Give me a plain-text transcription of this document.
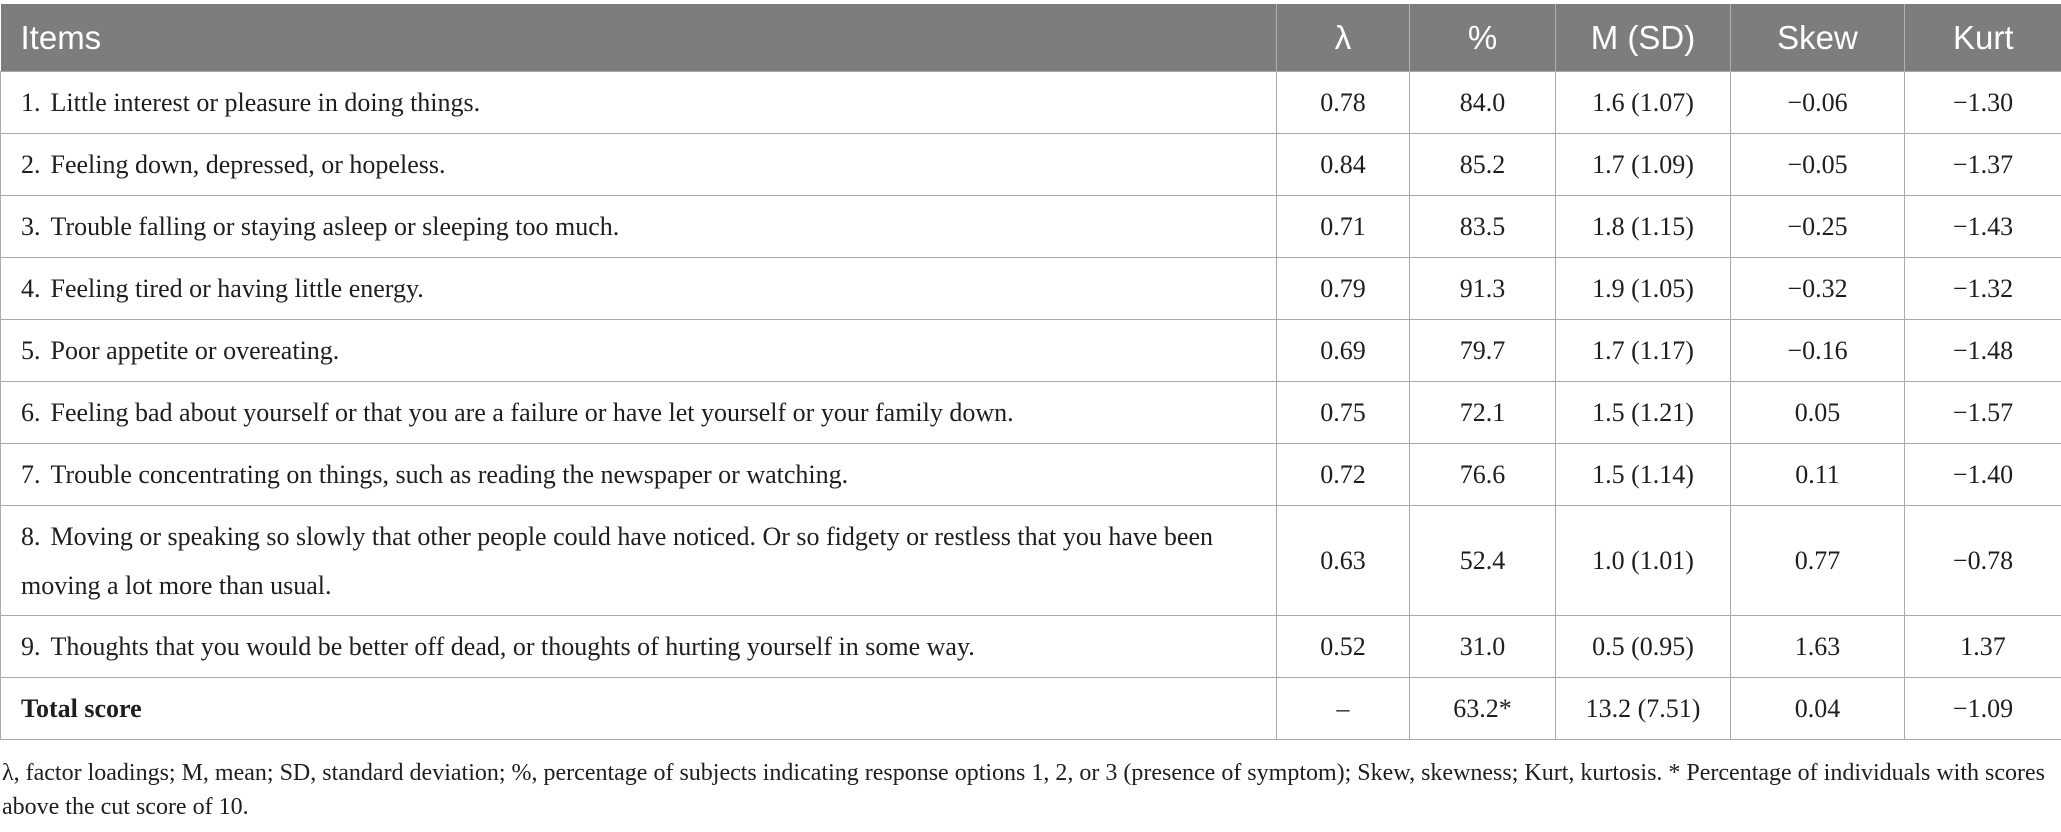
Items	λ	%	M (SD)	Skew	Kurt
1. Little interest or pleasure in doing things.	0.78	84.0	1.6 (1.07)	−0.06	−1.30
2. Feeling down, depressed, or hopeless.	0.84	85.2	1.7 (1.09)	−0.05	−1.37
3. Trouble falling or staying asleep or sleeping too much.	0.71	83.5	1.8 (1.15)	−0.25	−1.43
4. Feeling tired or having little energy.	0.79	91.3	1.9 (1.05)	−0.32	−1.32
5. Poor appetite or overeating.	0.69	79.7	1.7 (1.17)	−0.16	−1.48
6. Feeling bad about yourself or that you are a failure or have let yourself or your family down.	0.75	72.1	1.5 (1.21)	0.05	−1.57
7. Trouble concentrating on things, such as reading the newspaper or watching.	0.72	76.6	1.5 (1.14)	0.11	−1.40
8. Moving or speaking so slowly that other people could have noticed. Or so fidgety or restless that you have been moving a lot more than usual.	0.63	52.4	1.0 (1.01)	0.77	−0.78
9. Thoughts that you would be better off dead, or thoughts of hurting yourself in some way.	0.52	31.0	0.5 (0.95)	1.63	1.37
Total score	–	63.2*	13.2 (7.51)	0.04	−1.09
λ, factor loadings; M, mean; SD, standard deviation; %, percentage of subjects indicating response options 1, 2, or 3 (presence of symptom); Skew, skewness; Kurt, kurtosis. * Percentage of individuals with scores above the cut score of 10.
